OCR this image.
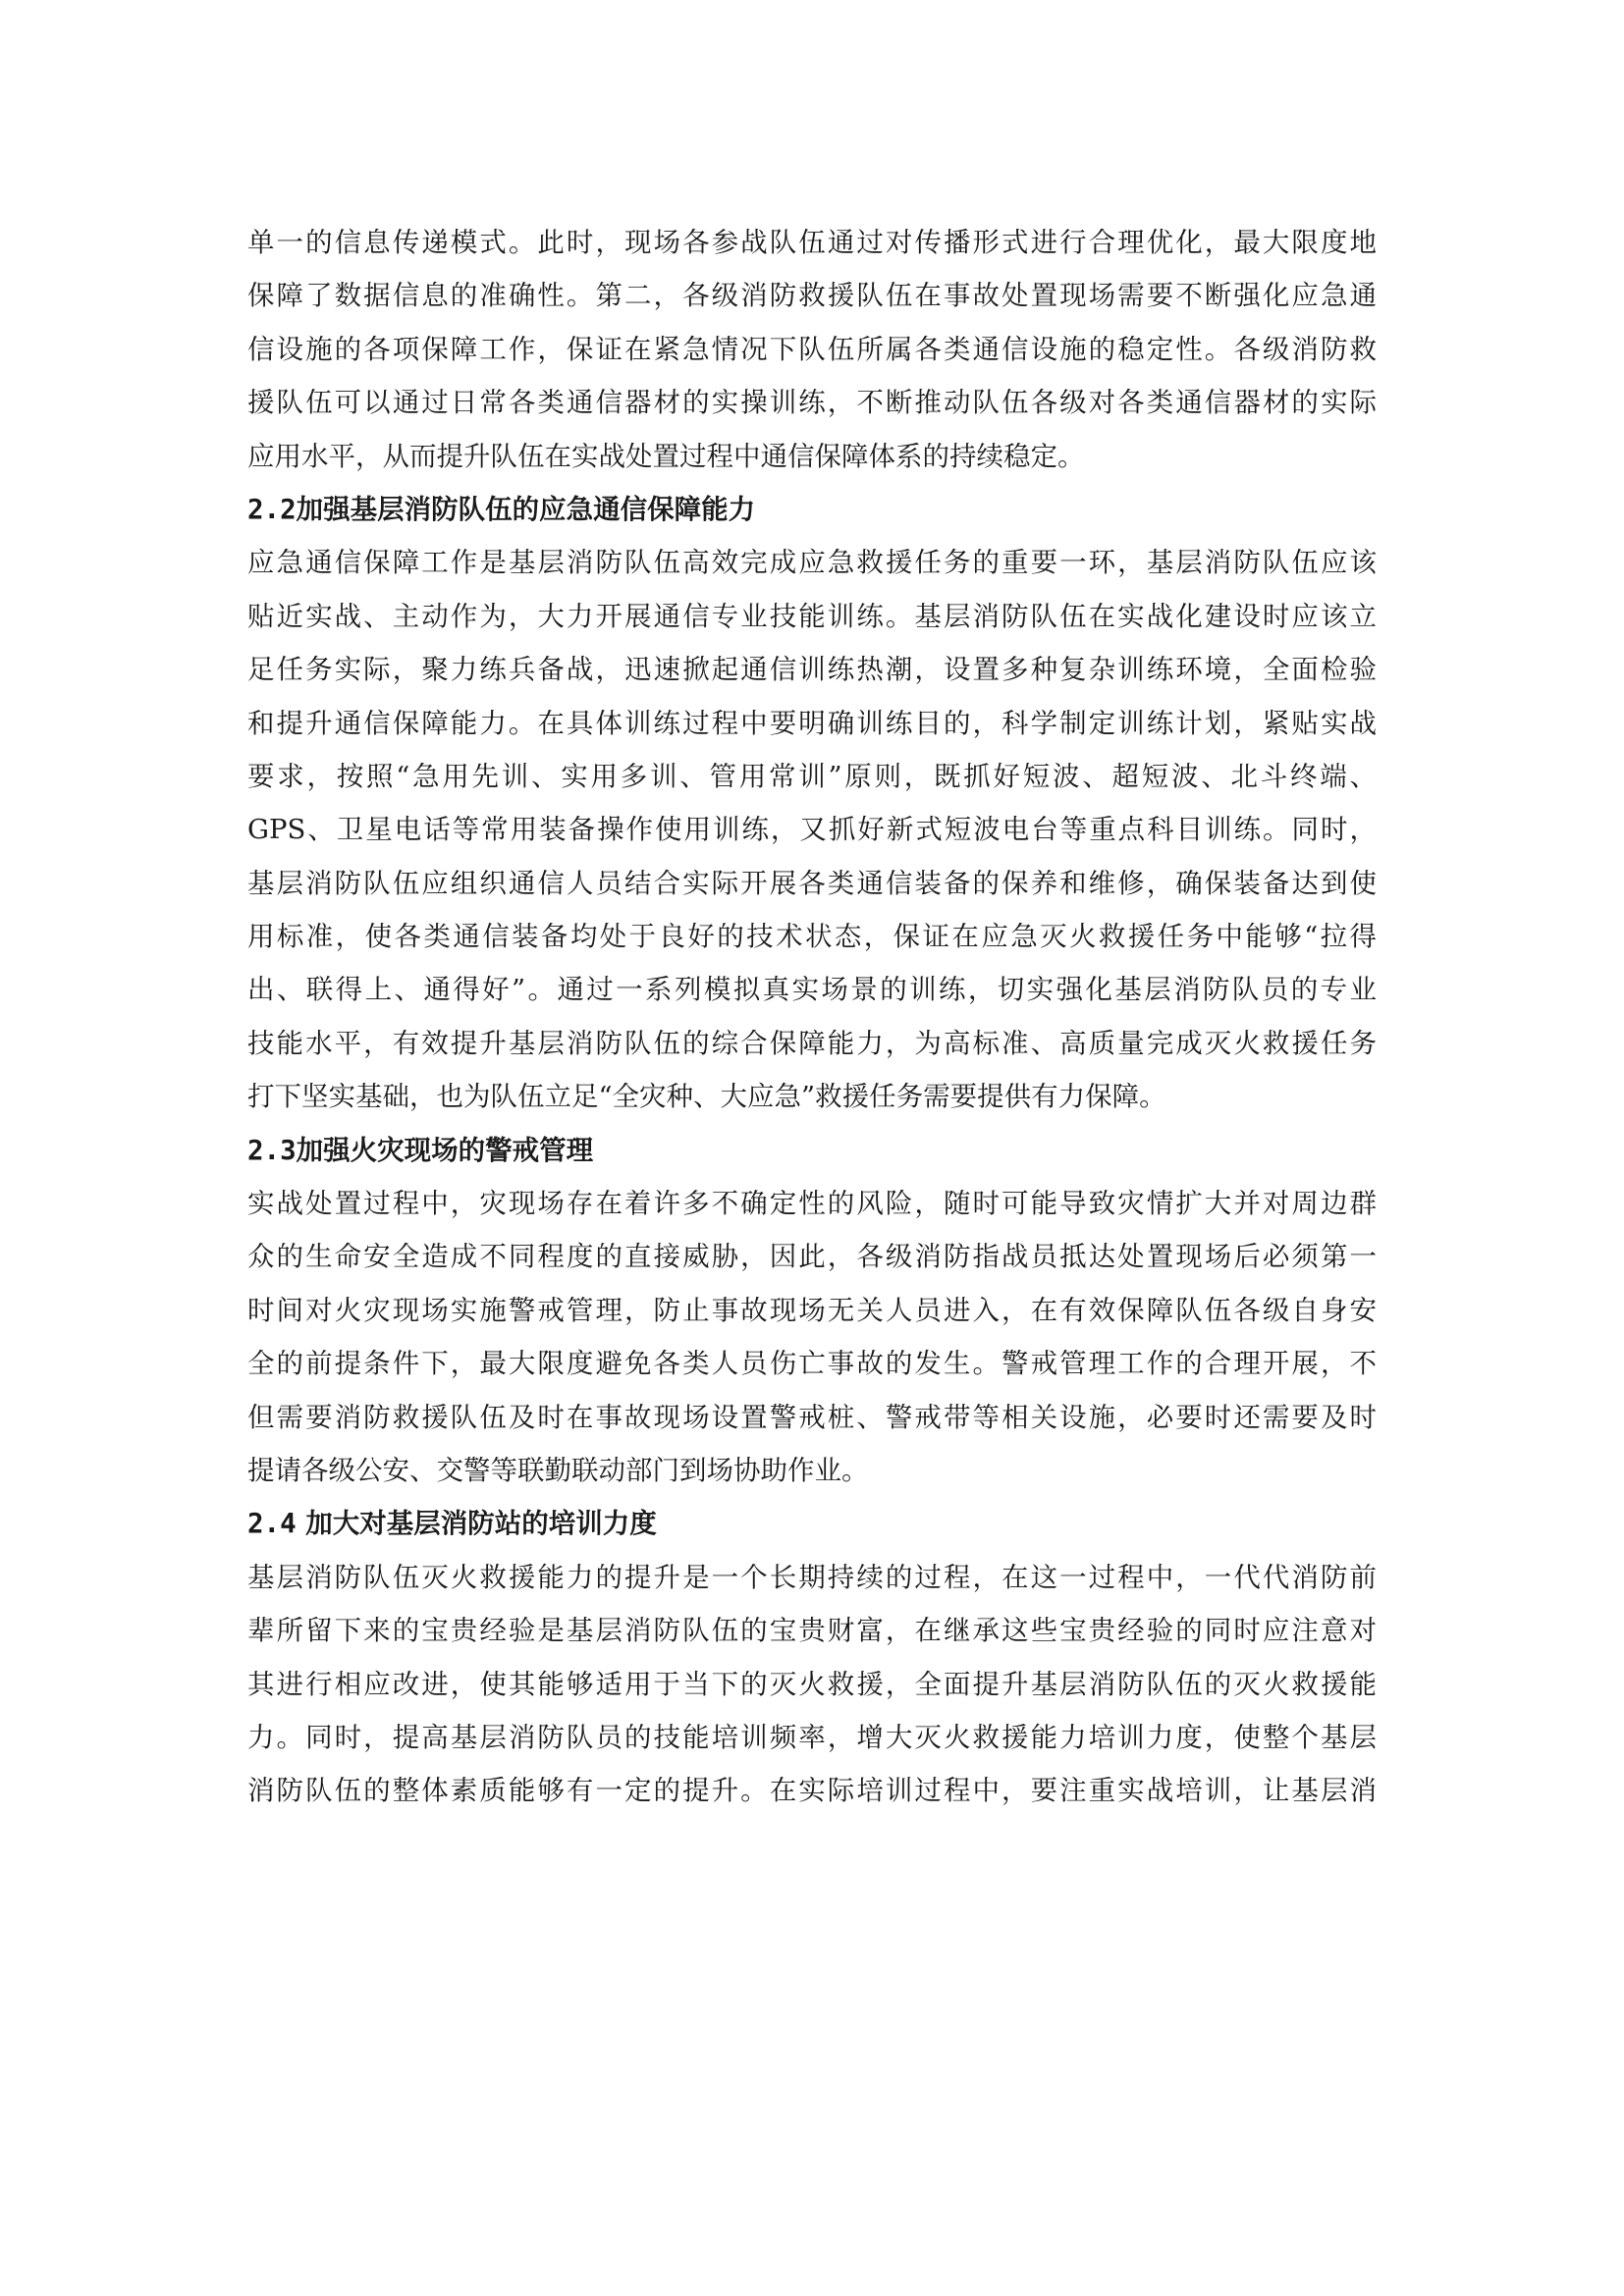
单一的信息传递模式。此时，现场各参战队伍通过对传播形式进行合理优化，最大限度地
保障了数据信息的准确性。第二，各级消防救援队伍在事故处置现场需要不断强化应急通
信设施的各项保障工作，保证在紧急情况下队伍所属各类通信设施的稳定性。各级消防救
援队伍可以通过日常各类通信器材的实操训练，不断推动队伍各级对各类通信器材的实际
应用水平，从而提升队伍在实战处置过程中通信保障体系的持续稳定。
2.2加强基层消防队伍的应急通信保障能力
应急通信保障工作是基层消防队伍高效完成应急救援任务的重要一环，基层消防队伍应该
贴近实战、主动作为，大力开展通信专业技能训练。基层消防队伍在实战化建设时应该立
足任务实际，聚力练兵备战，迅速掀起通信训练热潮，设置多种复杂训练环境，全面检验
和提升通信保障能力。在具体训练过程中要明确训练目的，科学制定训练计划，紧贴实战
要求，按照“急用先训、实用多训、管用常训”原则，既抓好短波、超短波、北斗终端、
GPS、卫星电话等常用装备操作使用训练，又抓好新式短波电台等重点科目训练。同时，
基层消防队伍应组织通信人员结合实际开展各类通信装备的保养和维修，确保装备达到使
用标准，使各类通信装备均处于良好的技术状态，保证在应急灭火救援任务中能够“拉得
出、联得上、通得好”。通过一系列模拟真实场景的训练，切实强化基层消防队员的专业
技能水平，有效提升基层消防队伍的综合保障能力，为高标准、高质量完成灭火救援任务
打下坚实基础，也为队伍立足“全灾种、大应急”救援任务需要提供有力保障。
2.3加强火灾现场的警戒管理
实战处置过程中，灾现场存在着许多不确定性的风险，随时可能导致灾情扩大并对周边群
众的生命安全造成不同程度的直接威胁，因此，各级消防指战员抵达处置现场后必须第一
时间对火灾现场实施警戒管理，防止事故现场无关人员进入，在有效保障队伍各级自身安
全的前提条件下，最大限度避免各类人员伤亡事故的发生。警戒管理工作的合理开展，不
但需要消防救援队伍及时在事故现场设置警戒桩、警戒带等相关设施，必要时还需要及时
提请各级公安、交警等联勤联动部门到场协助作业。
2.4 加大对基层消防站的培训力度
基层消防队伍灭火救援能力的提升是一个长期持续的过程，在这一过程中，一代代消防前
辈所留下来的宝贵经验是基层消防队伍的宝贵财富，在继承这些宝贵经验的同时应注意对
其进行相应改进，使其能够适用于当下的灭火救援，全面提升基层消防队伍的灭火救援能
力。同时，提高基层消防队员的技能培训频率，增大灭火救援能力培训力度，使整个基层
消防队伍的整体素质能够有一定的提升。在实际培训过程中，要注重实战培训，让基层消
